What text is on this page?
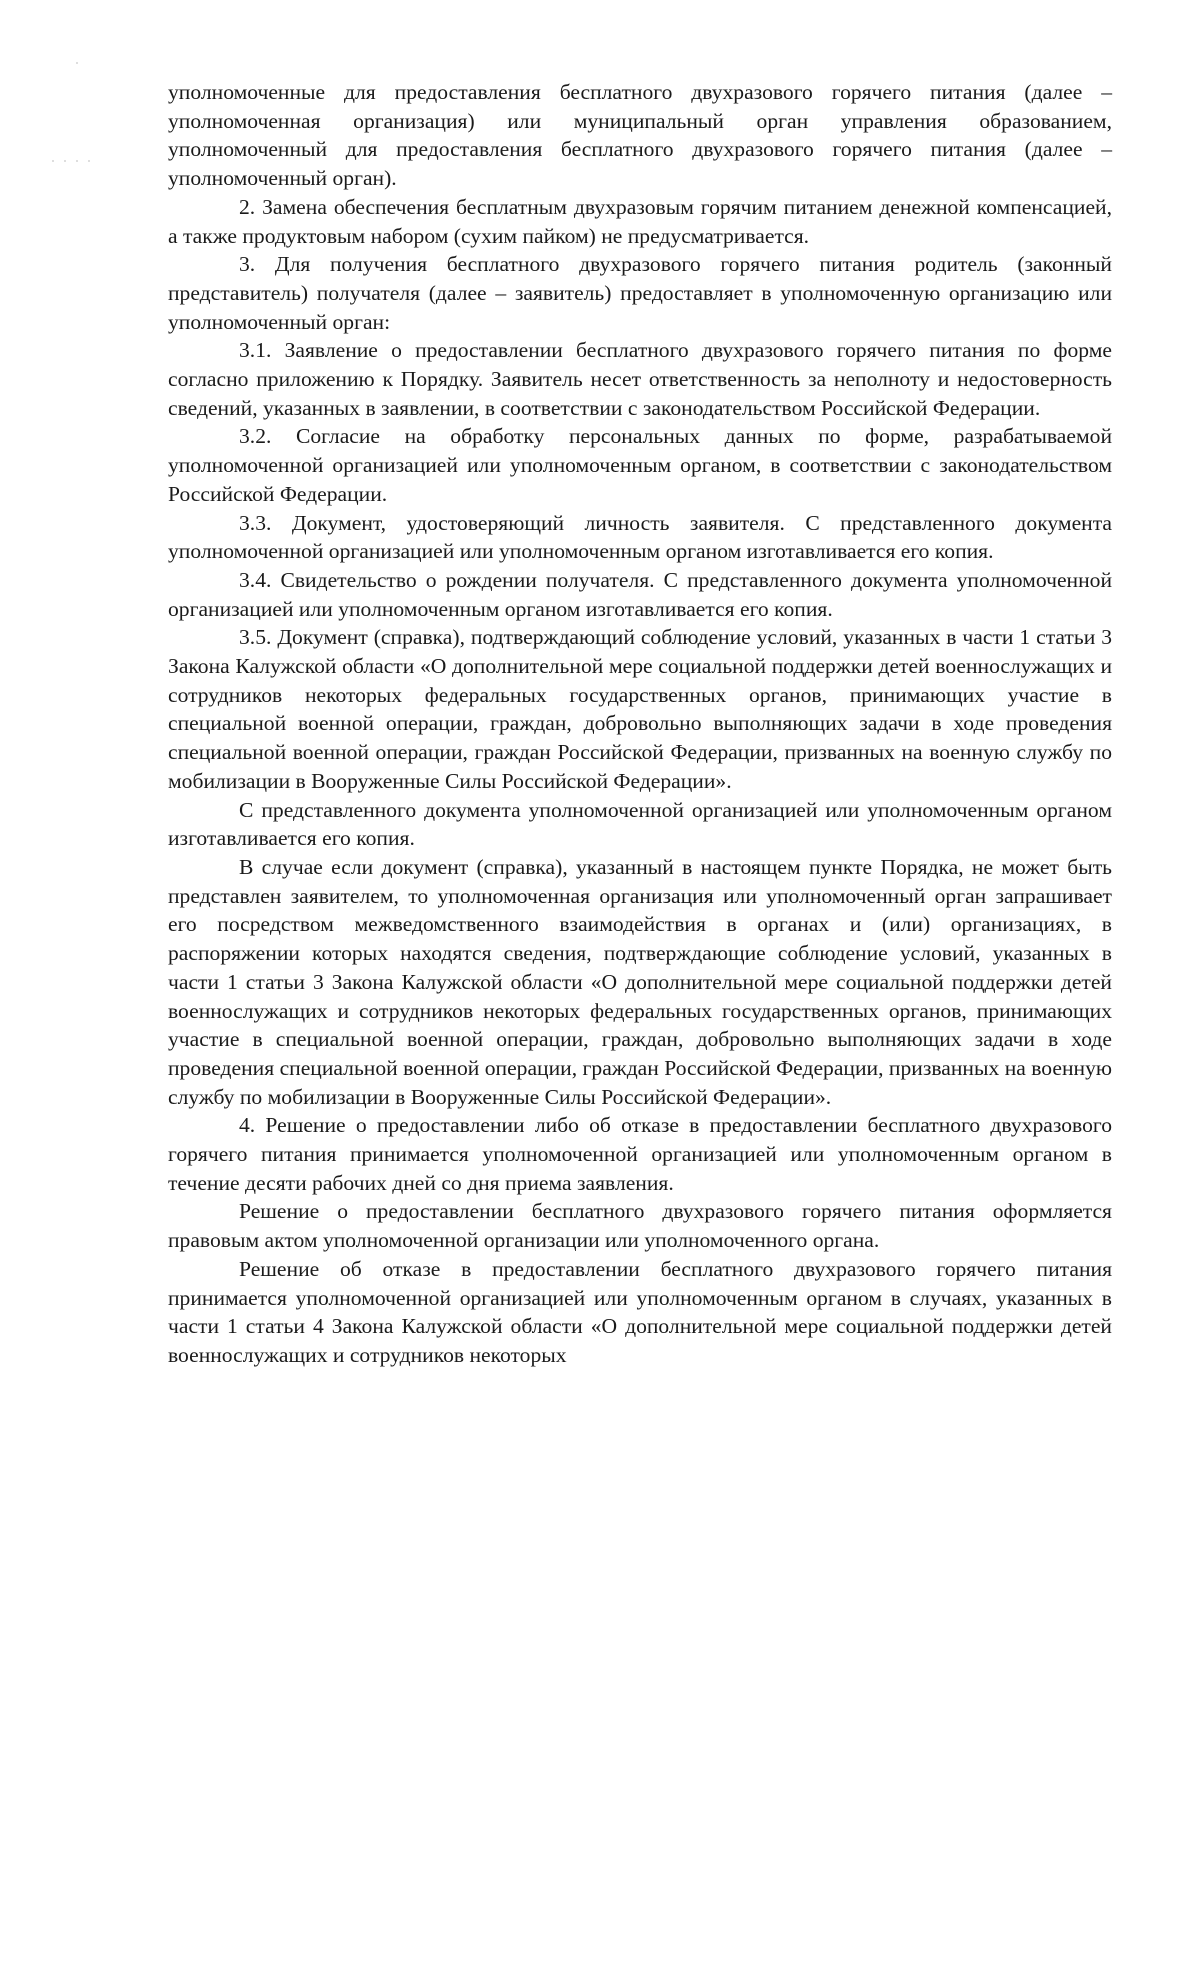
уполномоченные для предоставления бесплатного двухразового горячего питания (далее – уполномоченная организация) или муниципальный орган управления образованием, уполномоченный для предоставления бесплатного двухразового горячего питания (далее – уполномоченный орган).

2. Замена обеспечения бесплатным двухразовым горячим питанием денежной компенсацией, а также продуктовым набором (сухим пайком) не предусматривается.

3. Для получения бесплатного двухразового горячего питания родитель (законный представитель) получателя (далее – заявитель) предоставляет в уполномоченную организацию или уполномоченный орган:

3.1. Заявление о предоставлении бесплатного двухразового горячего питания по форме согласно приложению к Порядку. Заявитель несет ответственность за неполноту и недостоверность сведений, указанных в заявлении, в соответствии с законодательством Российской Федерации.

3.2. Согласие на обработку персональных данных по форме, разрабатываемой уполномоченной организацией или уполномоченным органом, в соответствии с законодательством Российской Федерации.

3.3. Документ, удостоверяющий личность заявителя. С представленного документа уполномоченной организацией или уполномоченным органом изготавливается его копия.

3.4. Свидетельство о рождении получателя. С представленного документа уполномоченной организацией или уполномоченным органом изготавливается его копия.

3.5. Документ (справка), подтверждающий соблюдение условий, указанных в части 1 статьи 3 Закона Калужской области «О дополнительной мере социальной поддержки детей военнослужащих и сотрудников некоторых федеральных государственных органов, принимающих участие в специальной военной операции, граждан, добровольно выполняющих задачи в ходе проведения специальной военной операции, граждан Российской Федерации, призванных на военную службу по мобилизации в Вооруженные Силы Российской Федерации».

С представленного документа уполномоченной организацией или уполномоченным органом изготавливается его копия.

В случае если документ (справка), указанный в настоящем пункте Порядка, не может быть представлен заявителем, то уполномоченная организация или уполномоченный орган запрашивает его посредством межведомственного взаимодействия в органах и (или) организациях, в распоряжении которых находятся сведения, подтверждающие соблюдение условий, указанных в части 1 статьи 3 Закона Калужской области «О дополнительной мере социальной поддержки детей военнослужащих и сотрудников некоторых федеральных государственных органов, принимающих участие в специальной военной операции, граждан, добровольно выполняющих задачи в ходе проведения специальной военной операции, граждан Российской Федерации, призванных на военную службу по мобилизации в Вооруженные Силы Российской Федерации».

4. Решение о предоставлении либо об отказе в предоставлении бесплатного двухразового горячего питания принимается уполномоченной организацией или уполномоченным органом в течение десяти рабочих дней со дня приема заявления.

Решение о предоставлении бесплатного двухразового горячего питания оформляется правовым актом уполномоченной организации или уполномоченного органа.

Решение об отказе в предоставлении бесплатного двухразового горячего питания принимается уполномоченной организацией или уполномоченным органом в случаях, указанных в части 1 статьи 4 Закона Калужской области «О дополнительной мере социальной поддержки детей военнослужащих и сотрудников некоторых
